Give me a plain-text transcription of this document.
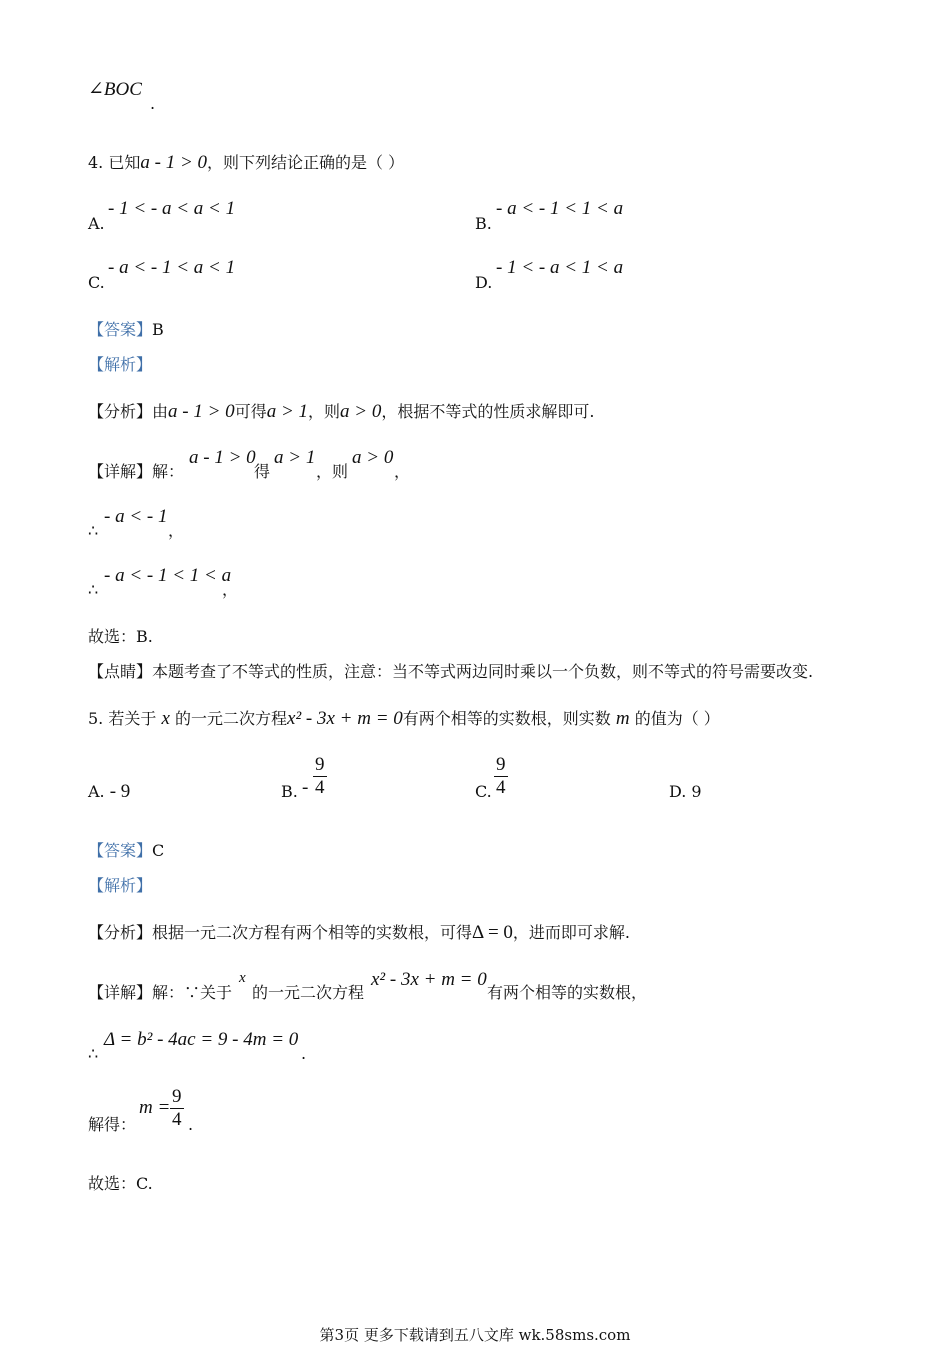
∠BOC
.
4. 已知a - 1 > 0，则下列结论正确的是（ ）
A.
- 1 < - a < a < 1
B.
- a < - 1 < 1 < a
C.
- a < - 1 < a < 1
D.
- 1 < - a < 1 < a
【答案】B
【解析】
【分析】由a - 1 > 0可得a > 1，则a > 0，根据不等式的性质求解即可.
【详解】解：
a - 1 > 0
得
a > 1
，则
a > 0
，
∴
- a < - 1
，
∴
- a < - 1 < 1 < a
，
故选：B.
【点睛】本题考查了不等式的性质，注意：当不等式两边同时乘以一个负数，则不等式的符号需要改变.
5. 若关于 x 的一元二次方程x² - 3x + m = 0有两个相等的实数根，则实数 m 的值为（ ）
A. - 9	B. - $\frac{9}{4}$	C. $\frac{9}{4}$	D. 9
【答案】C
【解析】
【分析】根据一元二次方程有两个相等的实数根，可得Δ = 0，进而即可求解.
【详解】解：∵关于
x
的一元二次方程
x² - 3x + m = 0
有两个相等的实数根，
∴
Δ = b² - 4ac = 9 - 4m = 0
.
解得：
$m = \frac{9}{4}$ .
故选：C.
第3页 更多下载请到五八文库 wk.58sms.com
